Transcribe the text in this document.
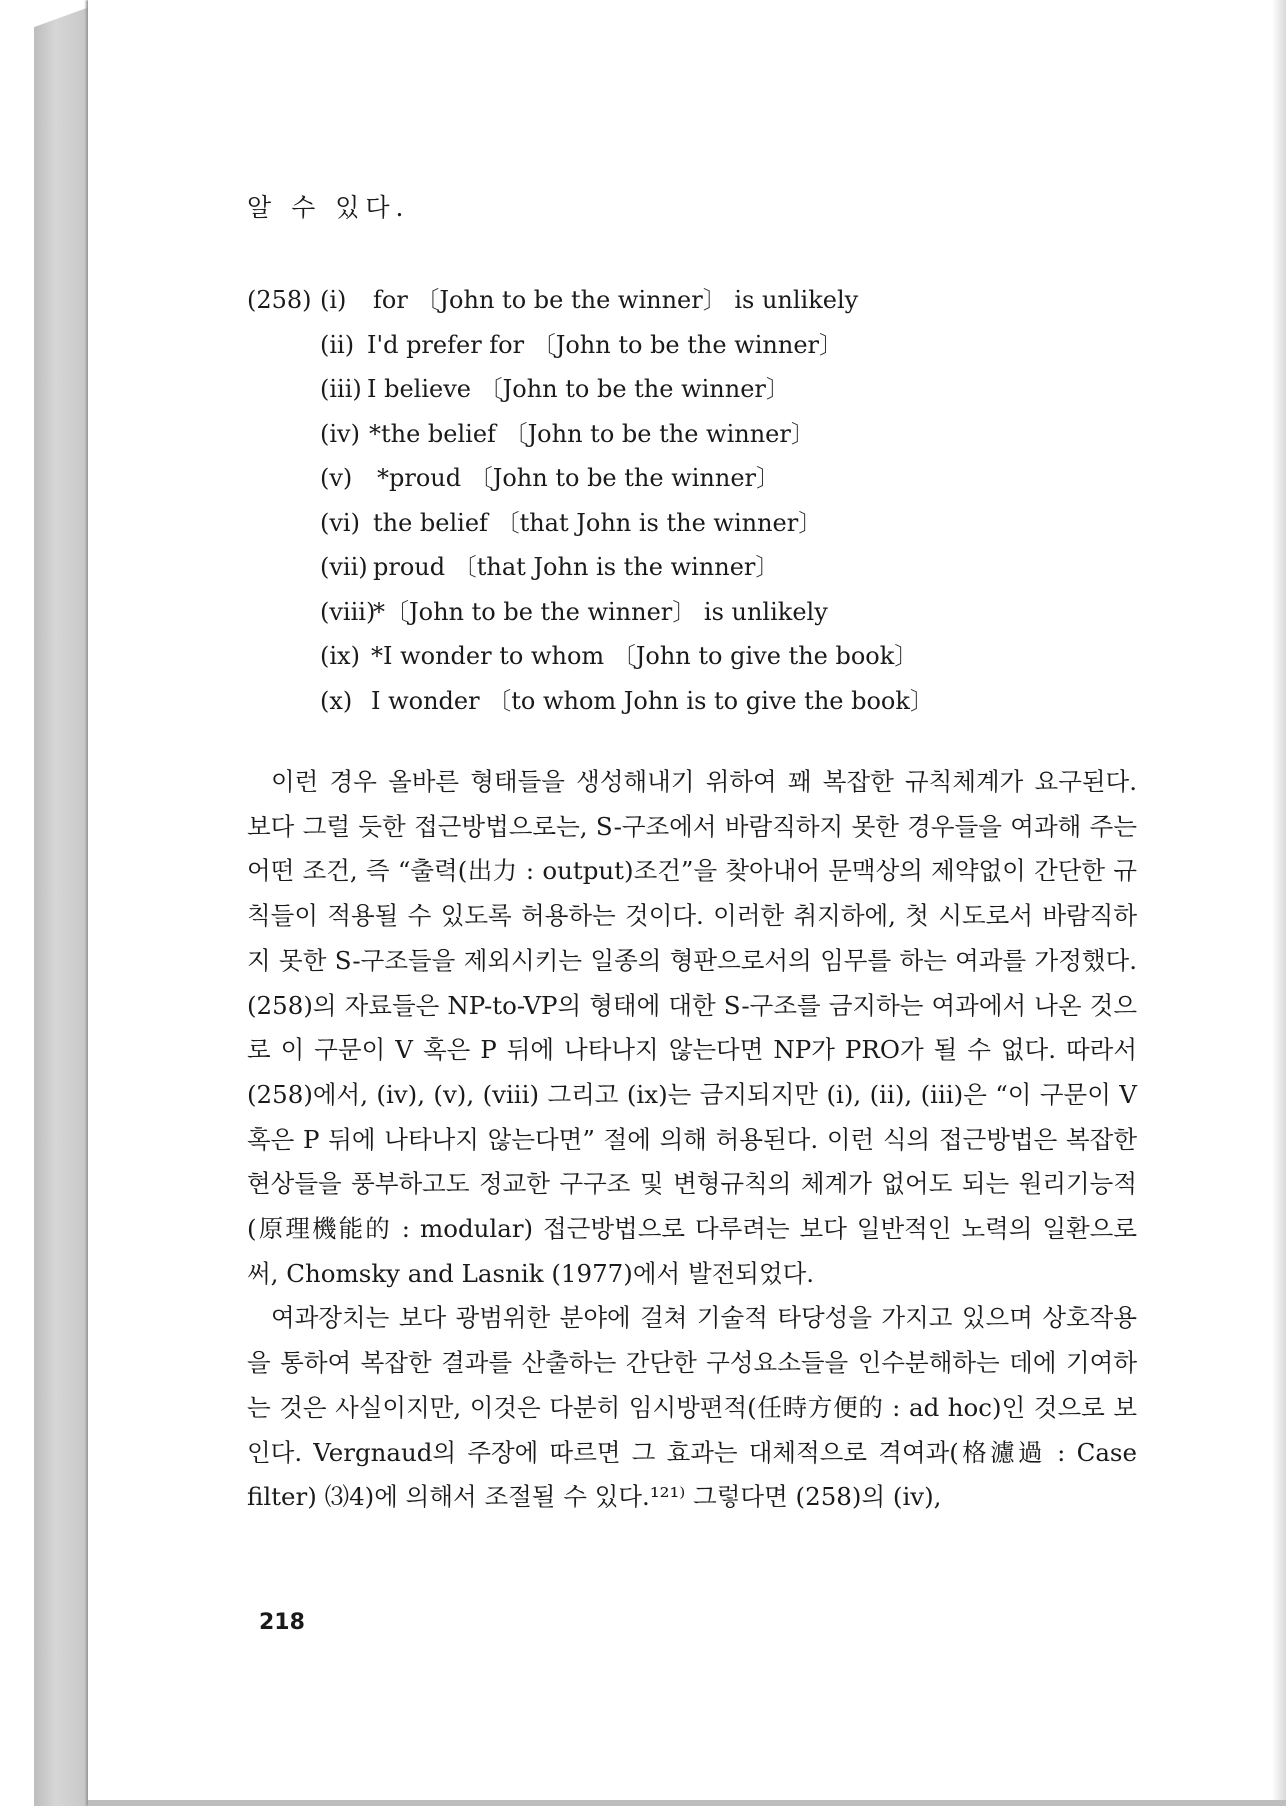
알 수 있다.
(258) (i) for 〔John to be the winner〕 is unlikely
(ii) I'd prefer for 〔John to be the winner〕
(iii) I believe 〔John to be the winner〕
(iv) *the belief 〔John to be the winner〕
(v) *proud 〔John to be the winner〕
(vi) the belief 〔that John is the winner〕
(vii) proud 〔that John is the winner〕
(viii)
*〔John to be the winner〕 is unlikely
(ix) *I wonder to whom 〔John to give the book〕
(x) I wonder 〔to whom John is to give the book〕

이런 경우 올바른 형태들을 생성해내기 위하여 꽤 복잡한 규칙체계가 요구된다. 보다 그럴 듯한 접근방법으로는, S-구조에서 바람직하지 못한 경우들을 여과해 주는 어떤 조건, 즉 “출력(出力 : output)조건”을 찾아내어 문맥상의 제약없이 간단한 규칙들이 적용될 수 있도록 허용하는 것이다. 이러한 취지하에, 첫 시도로서 바람직하지 못한 S-구조들을 제외시키는 일종의 형판으로서의 임무를 하는 여과를 가정했다. (258)의 자료들은 NP-to-VP의 형태에 대한 S-구조를 금지하는 여과에서 나온 것으로 이 구문이 V 혹은 P 뒤에 나타나지 않는다면 NP가 PRO가 될 수 없다. 따라서 (258)에서, (iv), (v), (viii) 그리고 (ix)는 금지되지만 (i), (ii), (iii)은 “이 구문이 V 혹은 P 뒤에 나타나지 않는다면” 절에 의해 허용된다. 이런 식의 접근방법은 복잡한 현상들을 풍부하고도 정교한 구구조 및 변형규칙의 체계가 없어도 되는 원리기능적(原理機能的 : modular) 접근방법으로 다루려는 보다 일반적인 노력의 일환으로써, Chomsky and Lasnik (1977)에서 발전되었다.

여과장치는 보다 광범위한 분야에 걸쳐 기술적 타당성을 가지고 있으며 상호작용을 통하여 복잡한 결과를 산출하는 간단한 구성요소들을 인수분해하는 데에 기여하는 것은 사실이지만, 이것은 다분히 임시방편적(任時方便的 : ad hoc)인 것으로 보인다. Vergnaud의 주장에 따르면 그 효과는 대체적으로 격여과(格濾過 : Case filter) ⑶4)에 의해서 조절될 수 있다.¹²¹⁾ 그렇다면 (258)의 (iv),

218
